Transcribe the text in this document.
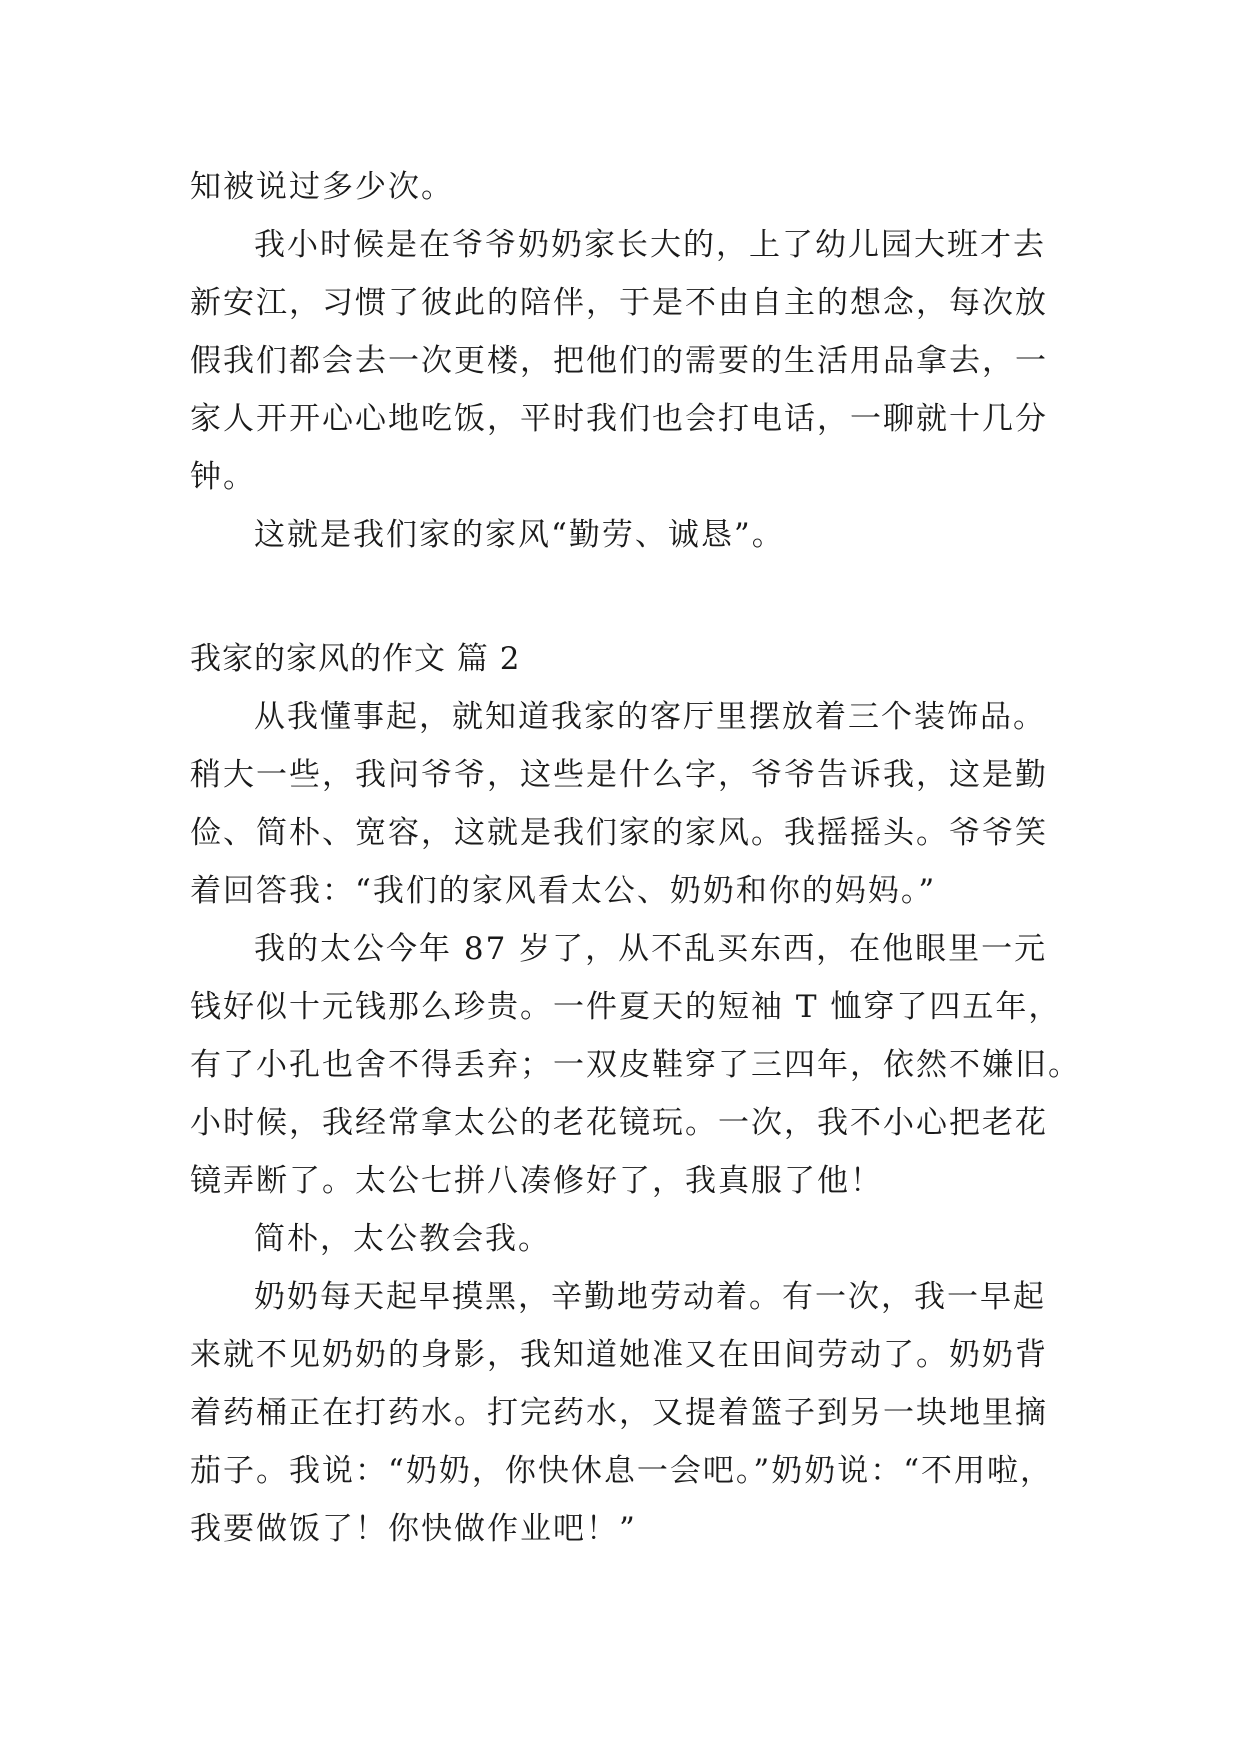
知被说过多少次。
我小时候是在爷爷奶奶家长大的，上了幼儿园大班才去
新安江，习惯了彼此的陪伴，于是不由自主的想念，每次放
假我们都会去一次更楼，把他们的需要的生活用品拿去，一
家人开开心心地吃饭，平时我们也会打电话，一聊就十几分
钟。
这就是我们家的家风“勤劳、诚恳”。
我家的家风的作文 篇 2
从我懂事起，就知道我家的客厅里摆放着三个装饰品。
稍大一些，我问爷爷，这些是什么字，爷爷告诉我，这是勤
俭、简朴、宽容，这就是我们家的家风。我摇摇头。爷爷笑
着回答我：“我们的家风看太公、奶奶和你的妈妈。”
我的太公今年 87 岁了，从不乱买东西，在他眼里一元
钱好似十元钱那么珍贵。一件夏天的短袖 T 恤穿了四五年，
有了小孔也舍不得丢弃；一双皮鞋穿了三四年，依然不嫌旧。
小时候，我经常拿太公的老花镜玩。一次，我不小心把老花
镜弄断了。太公七拼八凑修好了，我真服了他！
简朴，太公教会我。
奶奶每天起早摸黑，辛勤地劳动着。有一次，我一早起
来就不见奶奶的身影，我知道她准又在田间劳动了。奶奶背
着药桶正在打药水。打完药水，又提着篮子到另一块地里摘
茄子。我说：“奶奶，你快休息一会吧。”奶奶说：“不用啦，
我要做饭了！你快做作业吧！”
